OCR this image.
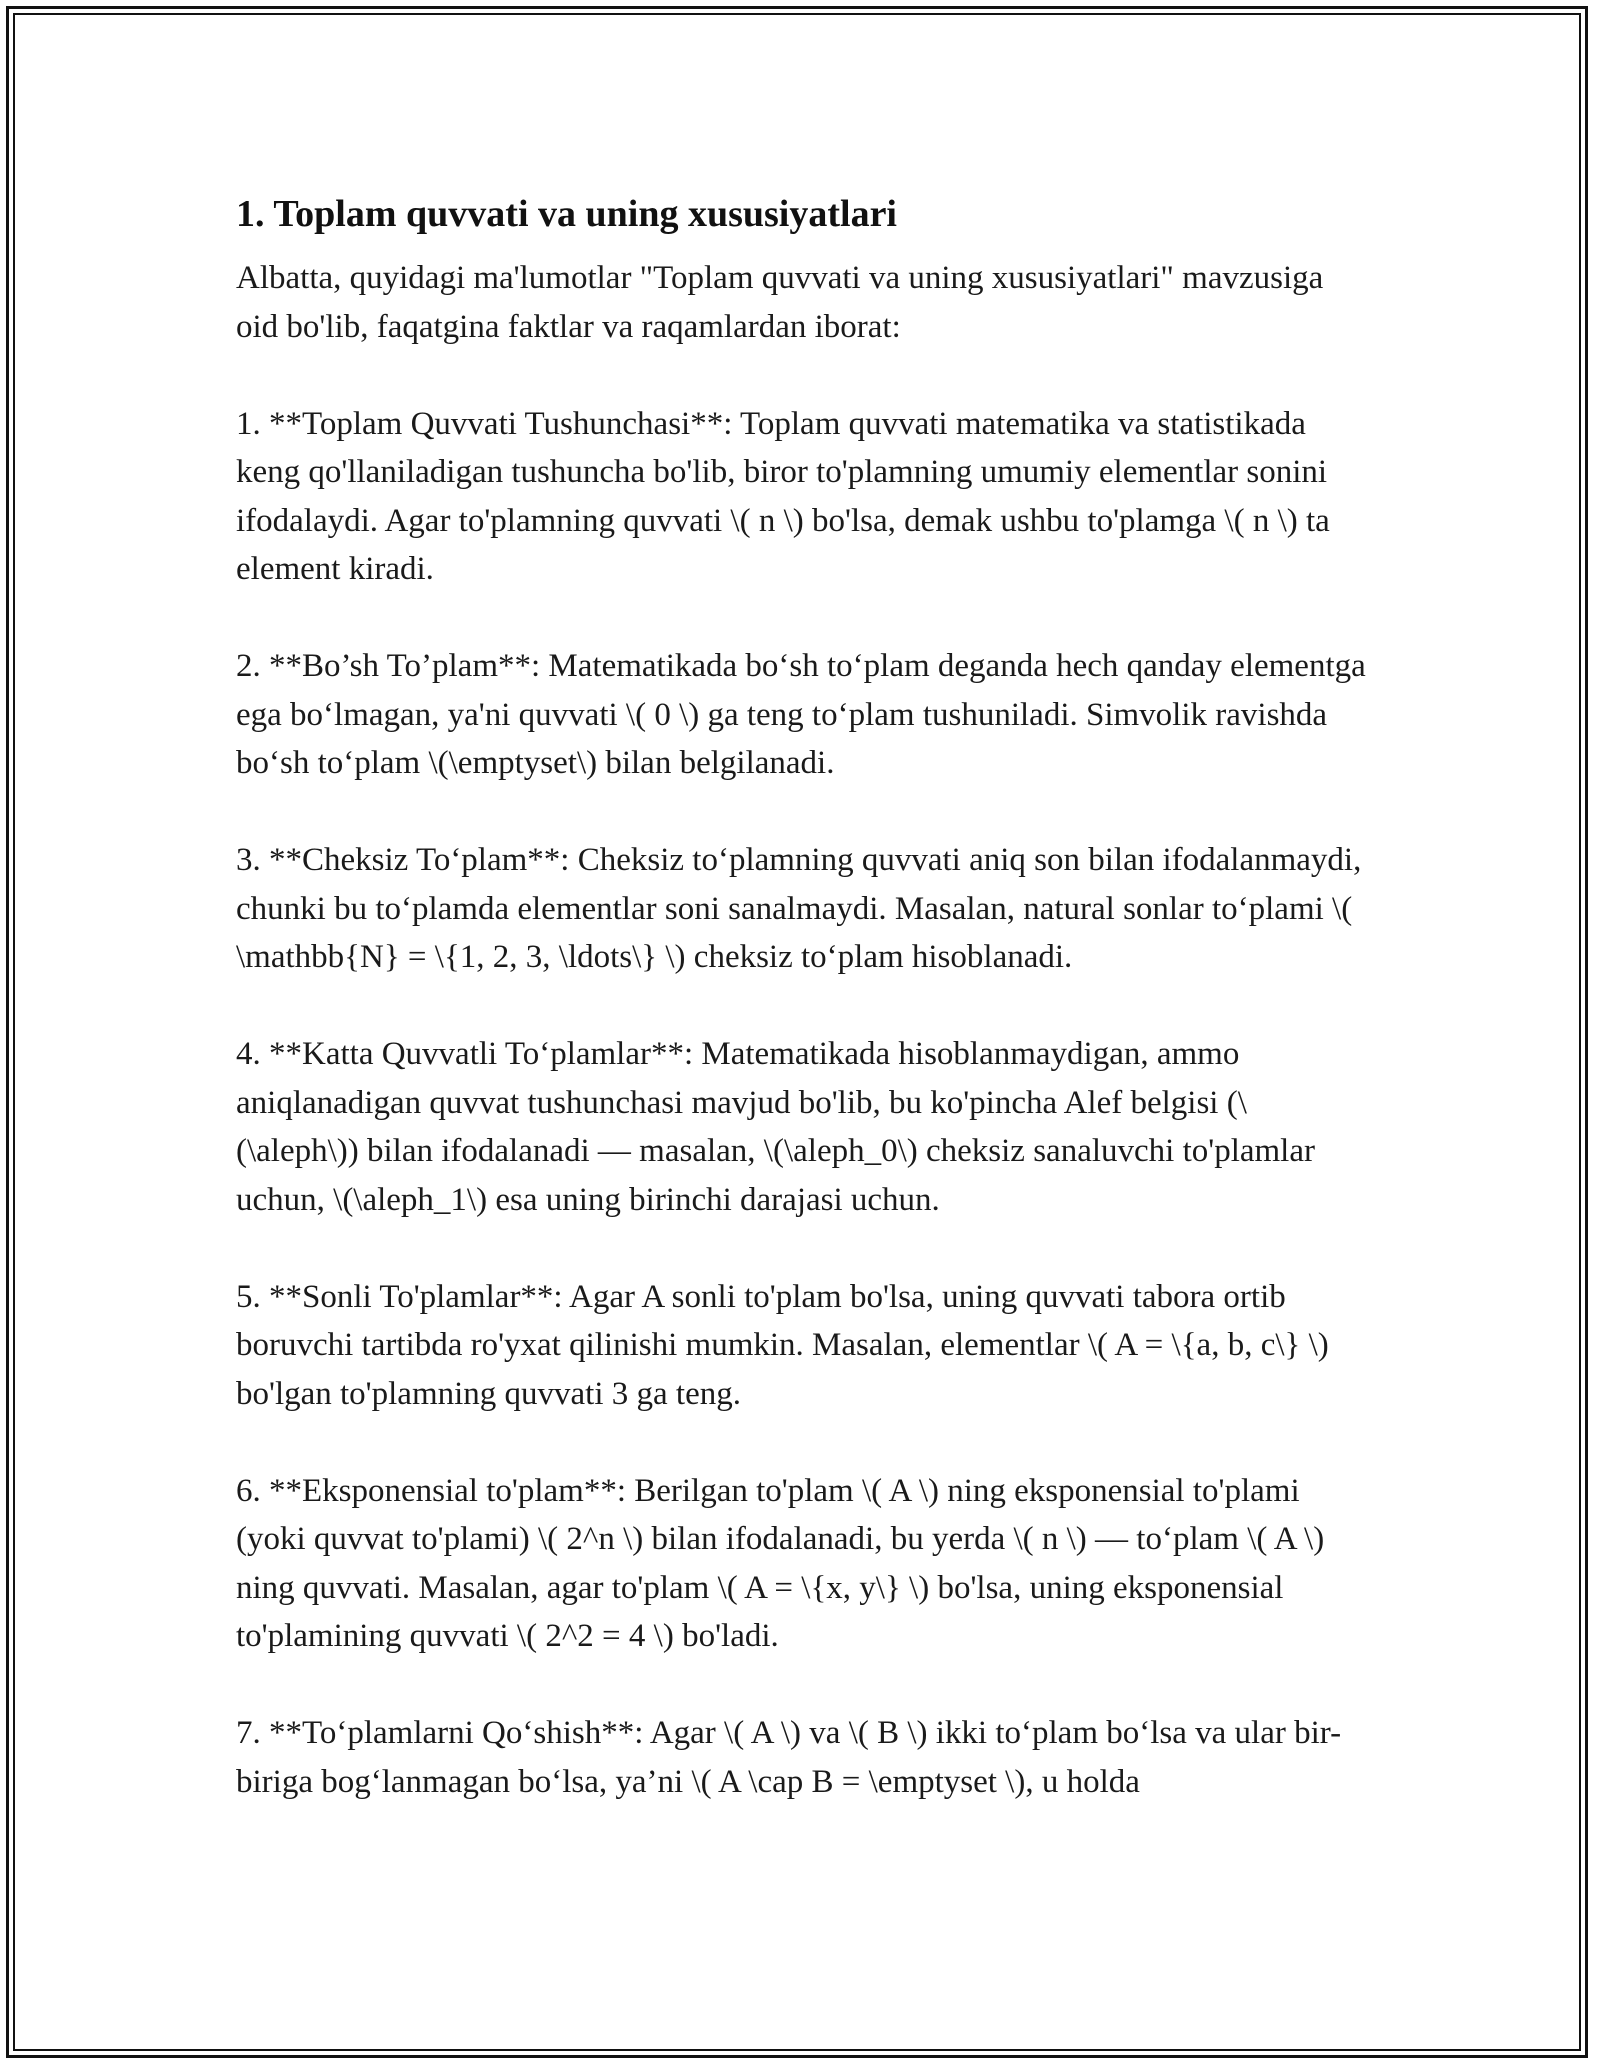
1. Toplam quvvati va uning xususiyatlari

Albatta, quyidagi ma'lumotlar "Toplam quvvati va uning xususiyatlari" mavzusiga oid bo'lib, faqatgina faktlar va raqamlardan iborat:

1. **Toplam Quvvati Tushunchasi**: Toplam quvvati matematika va statistikada keng qo'llaniladigan tushuncha bo'lib, biror to'plamning umumiy elementlar sonini ifodalaydi. Agar to'plamning quvvati \( n \) bo'lsa, demak ushbu to'plamga \( n \) ta element kiradi.

2. **Bo’sh To’plam**: Matematikada bo‘sh to‘plam deganda hech qanday elementga ega bo‘lmagan, ya'ni quvvati \( 0 \) ga teng to‘plam tushuniladi. Simvolik ravishda bo‘sh to‘plam \(\emptyset\) bilan belgilanadi.

3. **Cheksiz To‘plam**: Cheksiz to‘plamning quvvati aniq son bilan ifodalanmaydi, chunki bu to‘plamda elementlar soni sanalmaydi. Masalan, natural sonlar to‘plami \( \mathbb{N} = \{1, 2, 3, \ldots\} \) cheksiz to‘plam hisoblanadi.

4. **Katta Quvvatli To‘plamlar**: Matematikada hisoblanmaydigan, ammo aniqlanadigan quvvat tushunchasi mavjud bo'lib, bu ko'pincha Alef belgisi (\(\aleph\)) bilan ifodalanadi — masalan, \(\aleph_0\) cheksiz sanaluvchi to'plamlar uchun, \(\aleph_1\) esa uning birinchi darajasi uchun.

5. **Sonli To'plamlar**: Agar A sonli to'plam bo'lsa, uning quvvati tabora ortib boruvchi tartibda ro'yxat qilinishi mumkin. Masalan, elementlar \( A = \{a, b, c\} \) bo'lgan to'plamning quvvati 3 ga teng.

6. **Eksponensial to'plam**: Berilgan to'plam \( A \) ning eksponensial to'plami (yoki quvvat to'plami) \( 2^n \) bilan ifodalanadi, bu yerda \( n \) — to‘plam \( A \) ning quvvati. Masalan, agar to'plam \( A = \{x, y\} \) bo'lsa, uning eksponensial to'plamining quvvati \( 2^2 = 4 \) bo'ladi.

7. **To‘plamlarni Qo‘shish**: Agar \( A \) va \( B \) ikki to‘plam bo‘lsa va ular bir-biriga bog‘lanmagan bo‘lsa, ya’ni \( A \cap B = \emptyset \), u holda
